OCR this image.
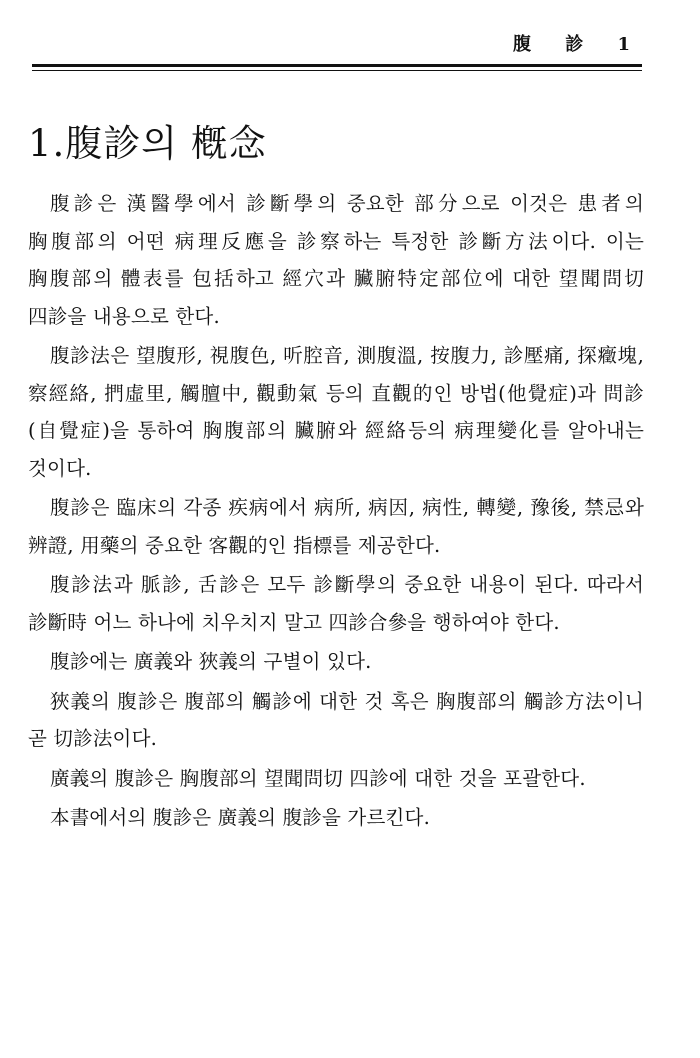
腹 診 1
1.腹診의 槪念

腹診은 漢醫學에서 診斷學의 중요한 部分으로 이것은 患者의 胸腹部의 어떤 病理反應을 診察하는 특정한 診斷方法이다. 이는 胸腹部의 體表를 包括하고 經穴과 臟腑特定部位에 대한 望聞問切 四診을 내용으로 한다.

腹診法은 望腹形, 視腹色, 听腔音, 測腹溫, 按腹力, 診壓痛, 探癥塊, 察經絡, 捫虛里, 觸膻中, 觀動氣 등의 直觀的인 방법(他覺症)과 問診(自覺症)을 통하여 胸腹部의 臟腑와 經絡등의 病理變化를 알아내는 것이다.

腹診은 臨床의 각종 疾病에서 病所, 病因, 病性, 轉變, 豫後, 禁忌와 辨證, 用藥의 중요한 客觀的인 指標를 제공한다.

腹診法과 脈診, 舌診은 모두 診斷學의 중요한 내용이 된다. 따라서 診斷時 어느 하나에 치우치지 말고 四診合參을 행하여야 한다.

腹診에는 廣義와 狹義의 구별이 있다.

狹義의 腹診은 腹部의 觸診에 대한 것 혹은 胸腹部의 觸診方法이니 곧 切診法이다.

廣義의 腹診은 胸腹部의 望聞問切 四診에 대한 것을 포괄한다.

本書에서의 腹診은 廣義의 腹診을 가르킨다.
